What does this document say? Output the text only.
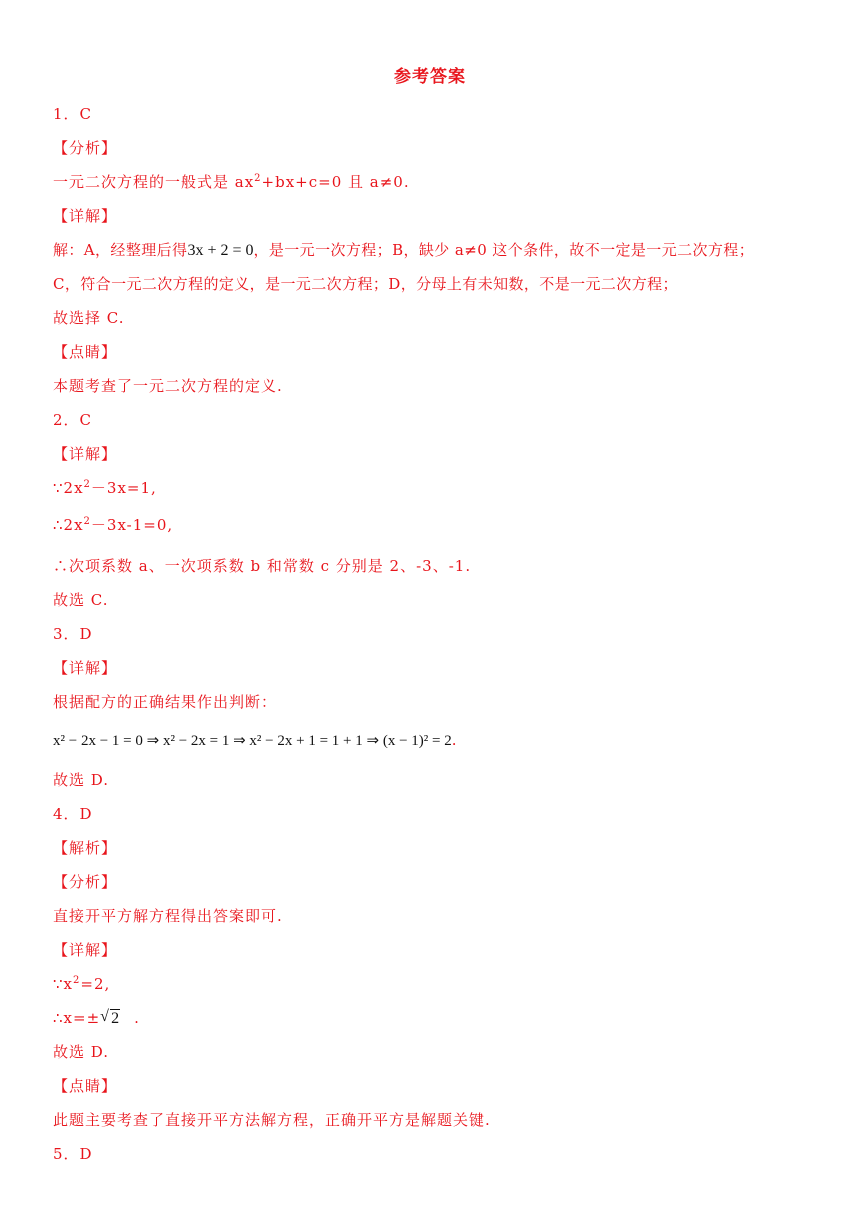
参考答案
1．C
【分析】
一元二次方程的一般式是 $ax^2+bx+c=0$ 且 a≠0.
【详解】
解：A，经整理后得3x + 2 = 0，是一元一次方程；B，缺少 a≠0 这个条件，故不一定是一元二次方程；
C，符合一元二次方程的定义，是一元二次方程；D，分母上有未知数，不是一元二次方程；
故选择 C.
【点睛】
本题考查了一元二次方程的定义.
2．C
【详解】
$\because 2x^2-3x=1$,
$\therefore 2x^2-3x-1=0$,
∴次项系数 a、一次项系数 b 和常数 c 分别是 2、-3、-1.
故选 C.
3．D
【详解】
根据配方的正确结果作出判断：
x² − 2x − 1 = 0 ⇒ x² − 2x = 1 ⇒ x² − 2x + 1 = 1 + 1 ⇒ (x − 1)² = 2.
故选 D.
4．D
【解析】
【分析】
直接开平方解方程得出答案即可.
【详解】
$\because x^2=2$,
∴x=± √ 2 .
故选 D.
【点睛】
此题主要考查了直接开平方法解方程，正确开平方是解题关键.
5．D
